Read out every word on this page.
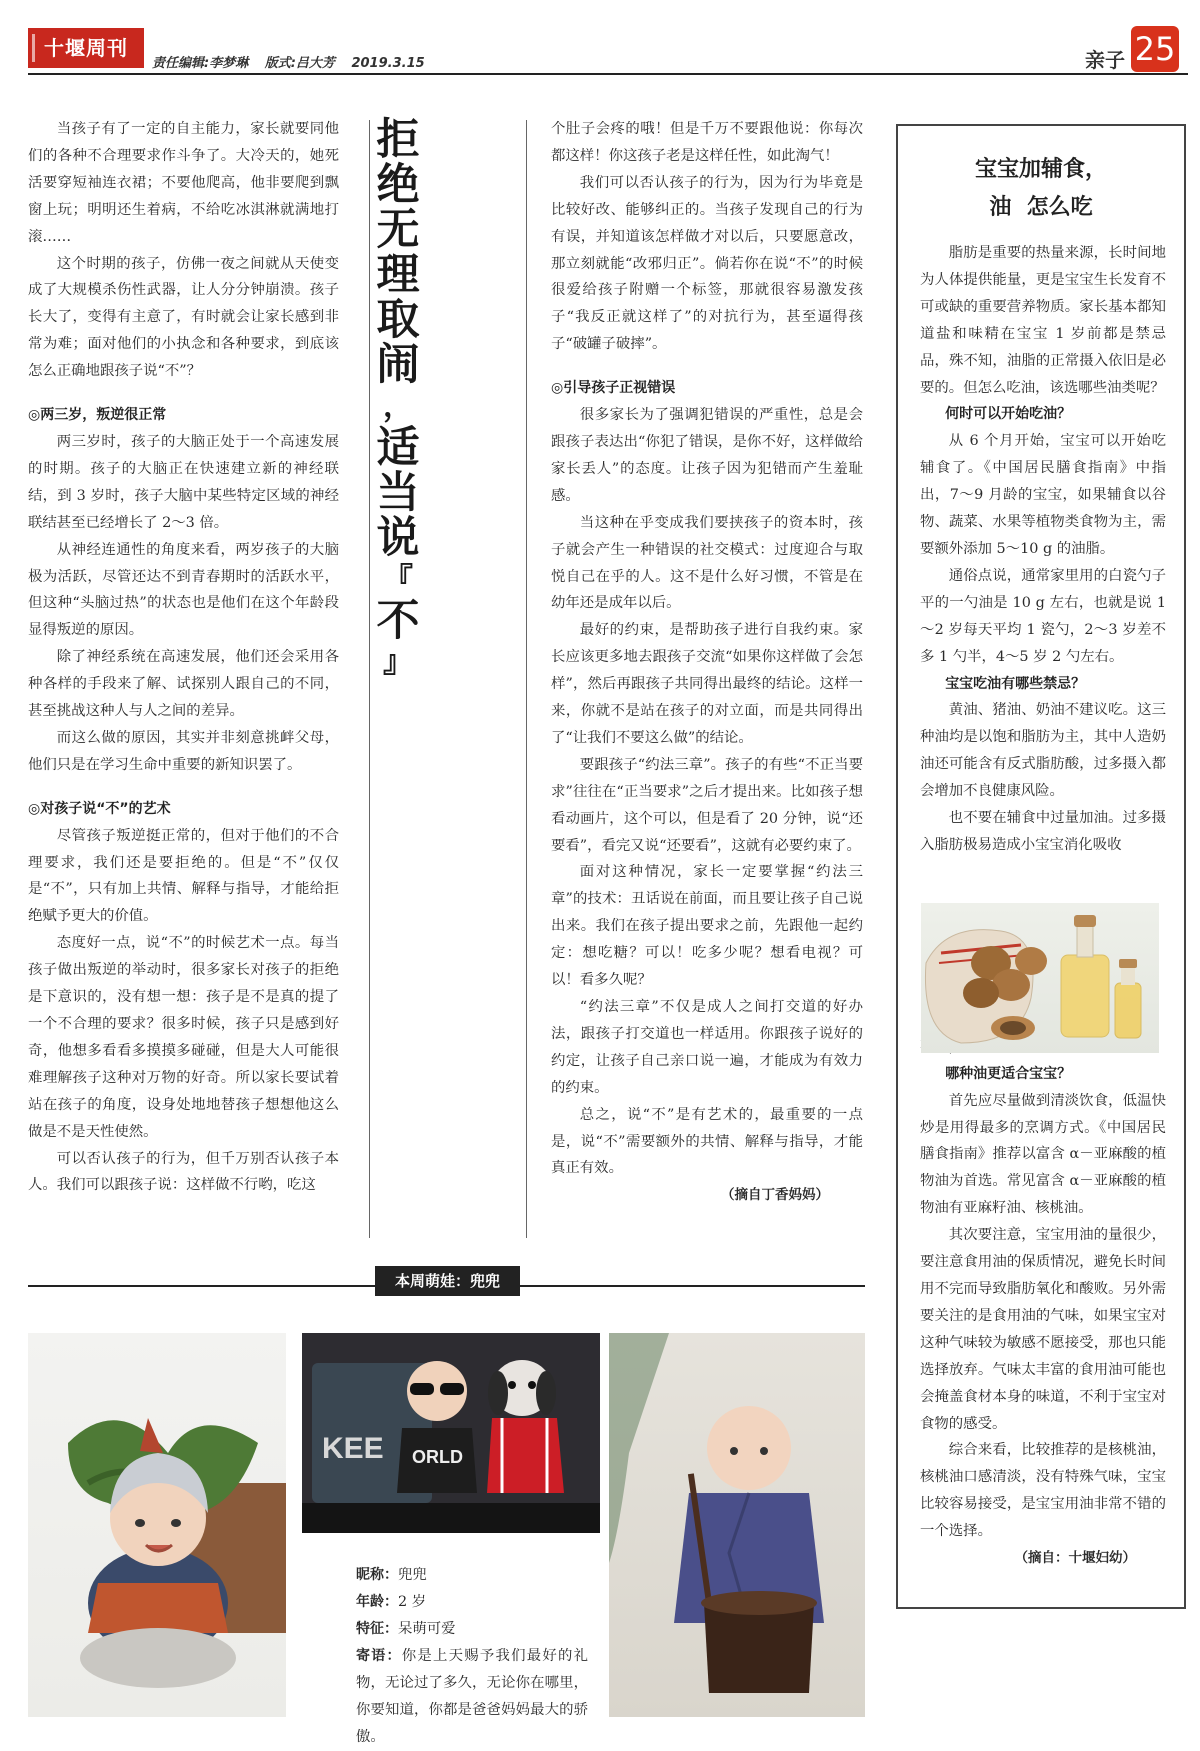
十堰周刊
责任编辑:李梦琳 版式:吕大芳 2019.3.15	亲子 25

当孩子有了一定的自主能力，家长就要同他们的各种不合理要求作斗争了。大冷天的，她死活要穿短袖连衣裙；不要他爬高，他非要爬到飘窗上玩；明明还生着病，不给吃冰淇淋就满地打滚……

这个时期的孩子，仿佛一夜之间就从天使变成了大规模杀伤性武器，让人分分钟崩溃。孩子长大了，变得有主意了，有时就会让家长感到非常为难；面对他们的小执念和各种要求，到底该怎么正确地跟孩子说“不”？

◎两三岁，叛逆很正常

两三岁时，孩子的大脑正处于一个高速发展的时期。孩子的大脑正在快速建立新的神经联结，到 3 岁时，孩子大脑中某些特定区域的神经联结甚至已经增长了 2～3 倍。

从神经连通性的角度来看，两岁孩子的大脑极为活跃，尽管还达不到青春期时的活跃水平，但这种“头脑过热”的状态也是他们在这个年龄段显得叛逆的原因。

除了神经系统在高速发展，他们还会采用各种各样的手段来了解、试探别人跟自己的不同，甚至挑战这种人与人之间的差异。

而这么做的原因，其实并非刻意挑衅父母，他们只是在学习生命中重要的新知识罢了。

◎对孩子说“不”的艺术

尽管孩子叛逆挺正常的，但对于他们的不合理要求，我们还是要拒绝的。但是“不”仅仅是“不”，只有加上共情、解释与指导，才能给拒绝赋予更大的价值。

态度好一点，说“不”的时候艺术一点。每当孩子做出叛逆的举动时，很多家长对孩子的拒绝是下意识的，没有想一想：孩子是不是真的提了一个不合理的要求？很多时候，孩子只是感到好奇，他想多看看多摸摸多碰碰，但是大人可能很难理解孩子这种对万物的好奇。所以家长要试着站在孩子的角度，设身处地地替孩子想想他这么做是不是天性使然。

可以否认孩子的行为，但千万别否认孩子本人。我们可以跟孩子说：这样做不行哟，吃这

拒
绝
无
理
取
闹
，
适
当
说
『
不
』

个肚子会疼的哦！但是千万不要跟他说：你每次都这样！你这孩子老是这样任性，如此淘气！

我们可以否认孩子的行为，因为行为毕竟是比较好改、能够纠正的。当孩子发现自己的行为有误，并知道该怎样做才对以后，只要愿意改，那立刻就能“改邪归正”。倘若你在说“不”的时候很爱给孩子附赠一个标签，那就很容易激发孩子“我反正就这样了”的对抗行为，甚至逼得孩子“破罐子破摔”。

◎引导孩子正视错误

很多家长为了强调犯错误的严重性，总是会跟孩子表达出“你犯了错误，是你不好，这样做给家长丢人”的态度。让孩子因为犯错而产生羞耻感。

当这种在乎变成我们要挟孩子的资本时，孩子就会产生一种错误的社交模式：过度迎合与取悦自己在乎的人。这不是什么好习惯，不管是在幼年还是成年以后。

最好的约束，是帮助孩子进行自我约束。家长应该更多地去跟孩子交流“如果你这样做了会怎样”，然后再跟孩子共同得出最终的结论。这样一来，你就不是站在孩子的对立面，而是共同得出了“让我们不要这么做”的结论。

要跟孩子“约法三章”。孩子的有些“不正当要求”往往在“正当要求”之后才提出来。比如孩子想看动画片，这个可以，但是看了 20 分钟，说“还要看”，看完又说“还要看”，这就有必要约束了。

面对这种情况，家长一定要掌握“约法三章”的技术：丑话说在前面，而且要让孩子自己说出来。我们在孩子提出要求之前，先跟他一起约定：想吃糖？可以！吃多少呢？想看电视？可以！看多久呢？

“约法三章”不仅是成人之间打交道的好办法，跟孩子打交道也一样适用。你跟孩子说好的约定，让孩子自己亲口说一遍，才能成为有效力的约束。

总之，说“不”是有艺术的，最重要的一点是，说“不”需要额外的共情、解释与指导，才能真正有效。

（摘自丁香妈妈）
宝宝加辅食，
油  怎么吃

脂肪是重要的热量来源，长时间地为人体提供能量，更是宝宝生长发育不可或缺的重要营养物质。家长基本都知道盐和味精在宝宝 1 岁前都是禁忌品，殊不知，油脂的正常摄入依旧是必要的。但怎么吃油，该选哪些油类呢？

何时可以开始吃油？

从 6 个月开始，宝宝可以开始吃辅食了。《中国居民膳食指南》中指出，7～9 月龄的宝宝，如果辅食以谷物、蔬菜、水果等植物类食物为主，需要额外添加 5～10 g 的油脂。

通俗点说，通常家里用的白瓷勺子平的一勺油是 10 g 左右，也就是说 1～2 岁每天平均 1 瓷勺，2～3 岁差不多 1 勺半，4～5 岁 2 勺左右。

宝宝吃油有哪些禁忌？

黄油、猪油、奶油不建议吃。这三种油均是以饱和脂肪为主，其中人造奶油还可能含有反式脂肪酸，过多摄入都会增加不良健康风险。

也不要在辅食中过量加油。过多摄入脂肪极易造成小宝宝消化吸收

哪种油更适合宝宝？

首先应尽量做到清淡饮食，低温快炒是用得最多的烹调方式。《中国居民膳食指南》推荐以富含 α－亚麻酸的植物油为首选。常见富含 α－亚麻酸的植物油有亚麻籽油、核桃油。

其次要注意，宝宝用油的量很少，要注意食用油的保质情况，避免长时间用不完而导致脂肪氧化和酸败。另外需要关注的是食用油的气味，如果宝宝对这种气味较为敏感不愿接受，那也只能选择放弃。气味太丰富的食用油可能也会掩盖食材本身的味道，不利于宝宝对食物的感受。

综合来看，比较推荐的是核桃油，核桃油口感清淡，没有特殊气味，宝宝比较容易接受，是宝宝用油非常不错的一个选择。

（摘自：十堰妇幼）
本周萌娃：兜兜
KEE ORLD
昵称：兜兜
年龄：2 岁
特征：呆萌可爱
寄语：你是上天赐予我们最好的礼物，无论过了多久，无论你在哪里，你要知道，你都是爸爸妈妈最大的骄傲。
